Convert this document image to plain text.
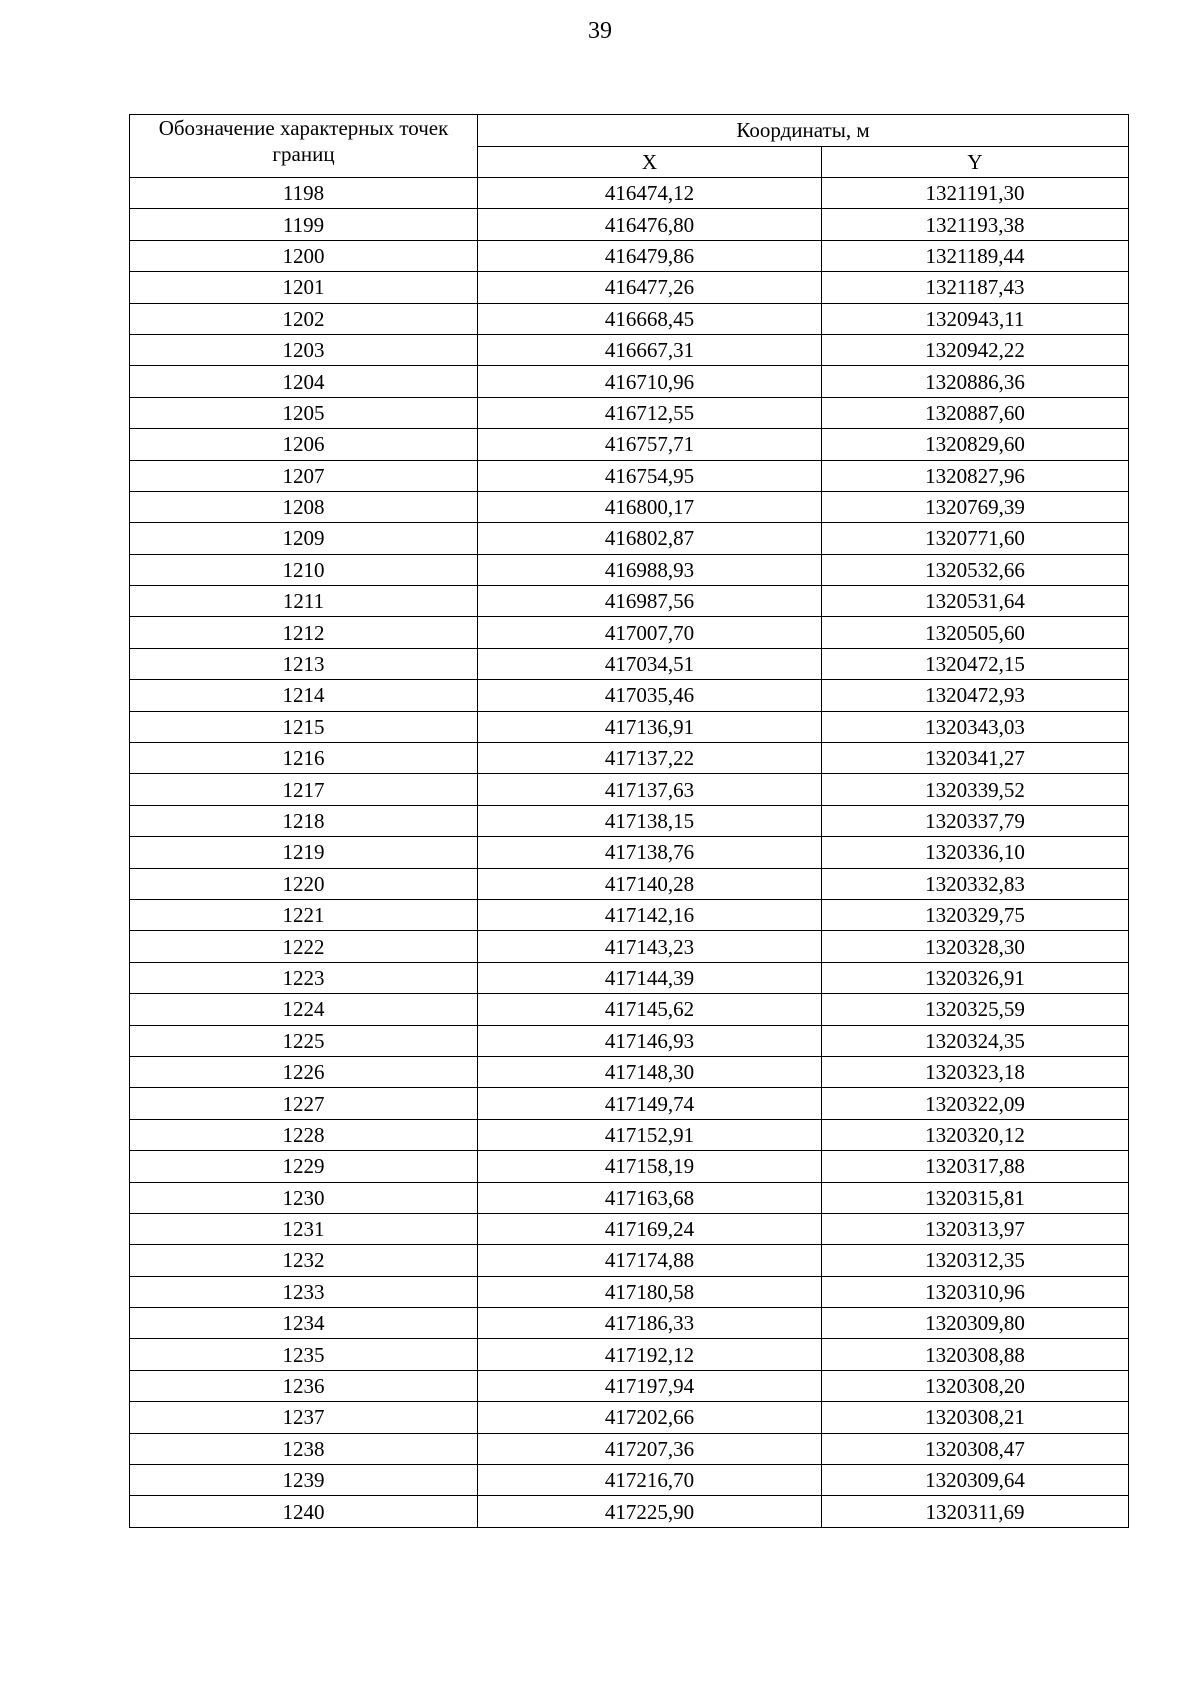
39
Обозначение характерных точек границ	Координаты, м	
	X	Y
1198	416474,12	1321191,30
1199	416476,80	1321193,38
1200	416479,86	1321189,44
1201	416477,26	1321187,43
1202	416668,45	1320943,11
1203	416667,31	1320942,22
1204	416710,96	1320886,36
1205	416712,55	1320887,60
1206	416757,71	1320829,60
1207	416754,95	1320827,96
1208	416800,17	1320769,39
1209	416802,87	1320771,60
1210	416988,93	1320532,66
1211	416987,56	1320531,64
1212	417007,70	1320505,60
1213	417034,51	1320472,15
1214	417035,46	1320472,93
1215	417136,91	1320343,03
1216	417137,22	1320341,27
1217	417137,63	1320339,52
1218	417138,15	1320337,79
1219	417138,76	1320336,10
1220	417140,28	1320332,83
1221	417142,16	1320329,75
1222	417143,23	1320328,30
1223	417144,39	1320326,91
1224	417145,62	1320325,59
1225	417146,93	1320324,35
1226	417148,30	1320323,18
1227	417149,74	1320322,09
1228	417152,91	1320320,12
1229	417158,19	1320317,88
1230	417163,68	1320315,81
1231	417169,24	1320313,97
1232	417174,88	1320312,35
1233	417180,58	1320310,96
1234	417186,33	1320309,80
1235	417192,12	1320308,88
1236	417197,94	1320308,20
1237	417202,66	1320308,21
1238	417207,36	1320308,47
1239	417216,70	1320309,64
1240	417225,90	1320311,69
